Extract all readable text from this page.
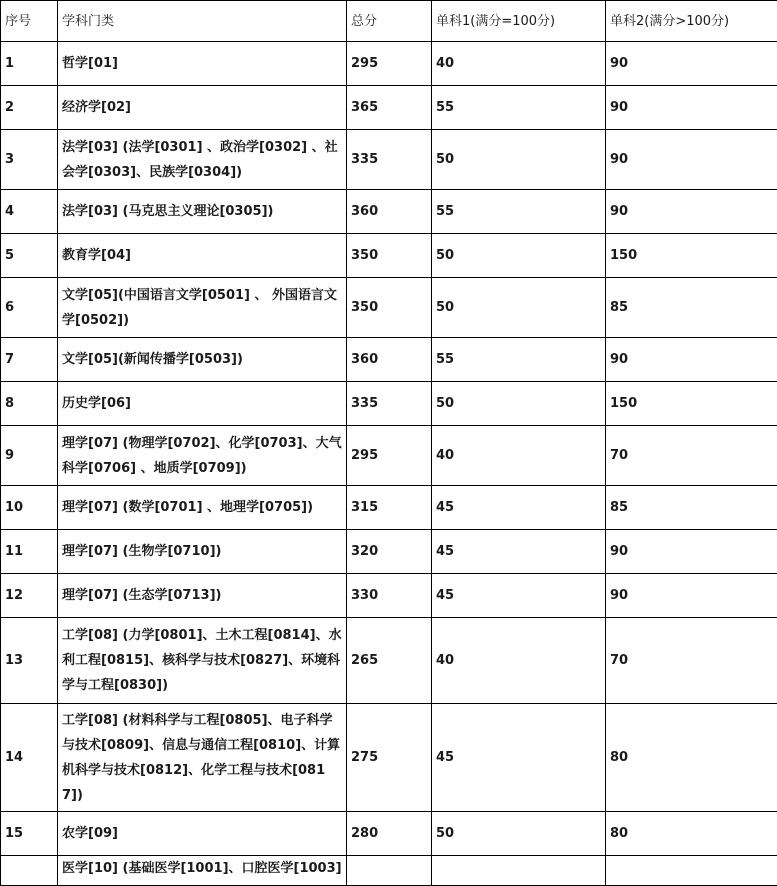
序号	学科门类	总分	单科1(满分=100分)	单科2(满分>100分)
1	哲学[01]	295	40	90
2	经济学[02]	365	55	90
3	法学[03] (法学[0301] 、政治学[0302] 、社会学[0303]、民族学[0304])	335	50	90
4	法学[03] (马克思主义理论[0305])	360	55	90
5	教育学[04]	350	50	150
6	文学[05](中国语言文学[0501] 、 外国语言文学[0502])	350	50	85
7	文学[05](新闻传播学[0503])	360	55	90
8	历史学[06]	335	50	150
9	理学[07] (物理学[0702]、化学[0703]、大气科学[0706] 、地质学[0709])	295	40	70
10	理学[07] (数学[0701] 、地理学[0705])	315	45	85
11	理学[07] (生物学[0710])	320	45	90
12	理学[07] (生态学[0713])	330	45	90
13	工学[08] (力学[0801]、土木工程[0814]、水利工程[0815]、核科学与技术[0827]、环境科学与工程[0830])	265	40	70
14	工学[08] (材料科学与工程[0805]、电子科学与技术[0809]、信息与通信工程[0810]、计算机科学与技术[0812]、化学工程与技术[0817])	275	45	80
15	农学[09]	280	50	80
	医学[10] (基础医学[1001]、口腔医学[1003]			
